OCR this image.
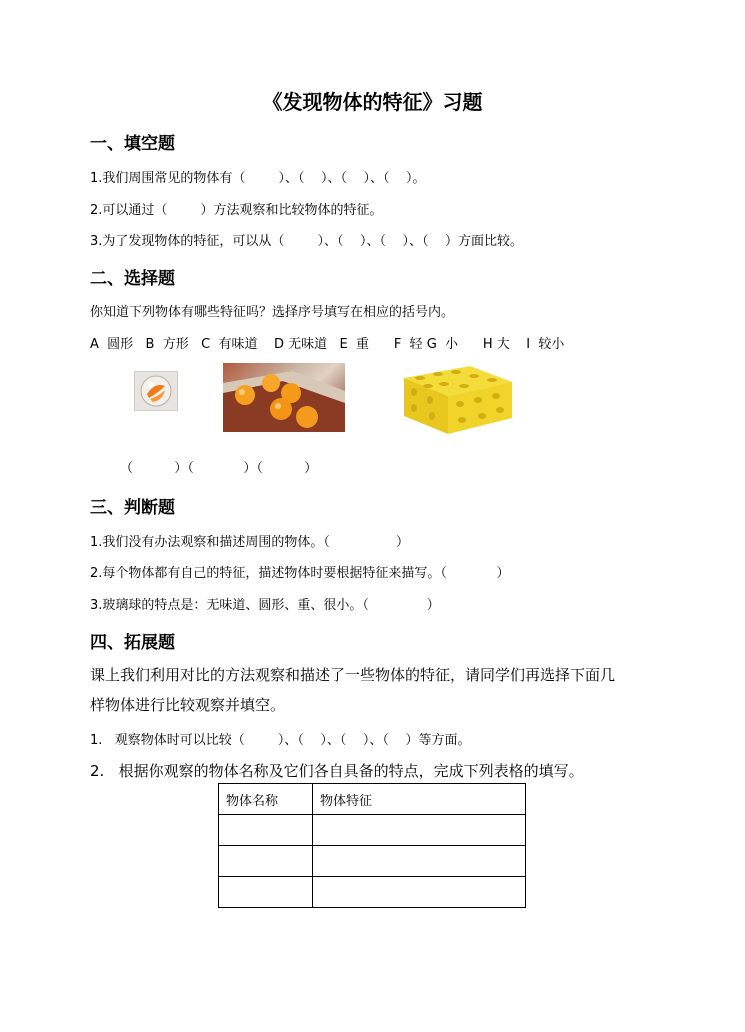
《发现物体的特征》习题
一、填空题
1.我们周围常见的物体有（        ）、（    ）、（    ）、（    ）。
2.可以通过（        ）方法观察和比较物体的特征。
3.为了发现物体的特征，可以从（        ）、（    ）、（    ）、（    ）方面比较。
二、选择题
你知道下列物体有哪些特征吗？选择序号填写在相应的括号内。
A  圆形   B  方形   C  有味道    D 无味道   E  重      F  轻 G  小      H 大    I  较小
（          ）（            ）（          ）
三、判断题
1.我们没有办法观察和描述周围的物体。（                ）
2.每个物体都有自己的特征，描述物体时要根据特征来描写。（            ）
3.玻璃球的特点是：无味道、圆形、重、很小。（              ）
四、拓展题
课上我们利用对比的方法观察和描述了一些物体的特征，请同学们再选择下面几
样物体进行比较观察并填空。
1.   观察物体时可以比较（        ）、（    ）、（    ）、（    ）等方面。
2.   根据你观察的物体名称及它们各自具备的特点，完成下列表格的填写。
物体名称	物体特征
